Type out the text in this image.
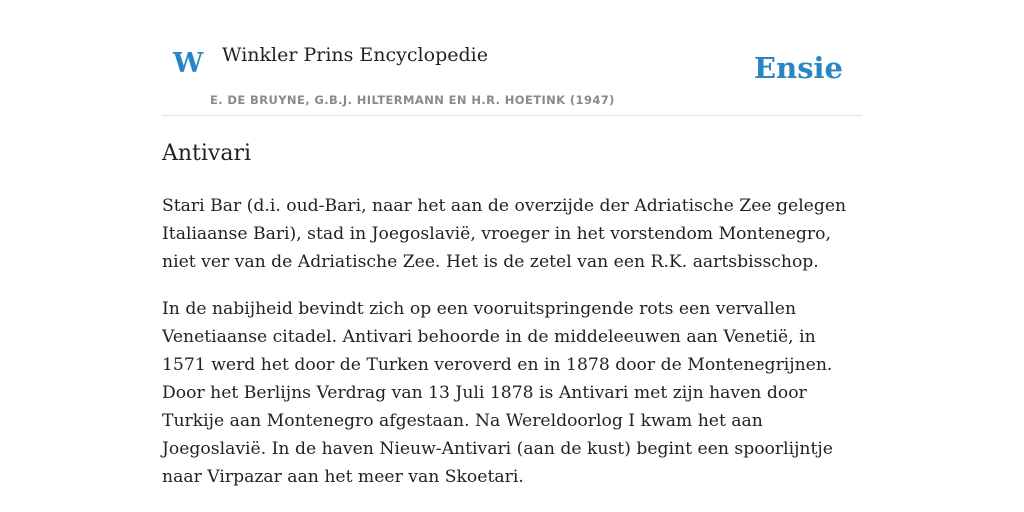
W Winkler Prins Encyclopedie
E. DE BRUYNE, G.B.J. HILTERMANN EN H.R. HOETINK (1947)
Ensie
Antivari

Stari Bar (d.i. oud-Bari, naar het aan de overzijde der Adriatische Zee gelegen Italiaanse Bari), stad in Joegoslavië, vroeger in het vorstendom Montenegro, niet ver van de Adriatische Zee. Het is de zetel van een R.K. aartsbisschop.

In de nabijheid bevindt zich op een vooruitspringende rots een vervallen Venetiaanse citadel. Antivari behoorde in de middeleeuwen aan Venetië, in 1571 werd het door de Turken veroverd en in 1878 door de Montenegrijnen. Door het Berlijns Verdrag van 13 Juli 1878 is Antivari met zijn haven door Turkije aan Montenegro afgestaan. Na Wereldoorlog I kwam het aan Joegoslavië. In de haven Nieuw-Antivari (aan de kust) begint een spoorlijntje naar Virpazar aan het meer van Skoetari.
